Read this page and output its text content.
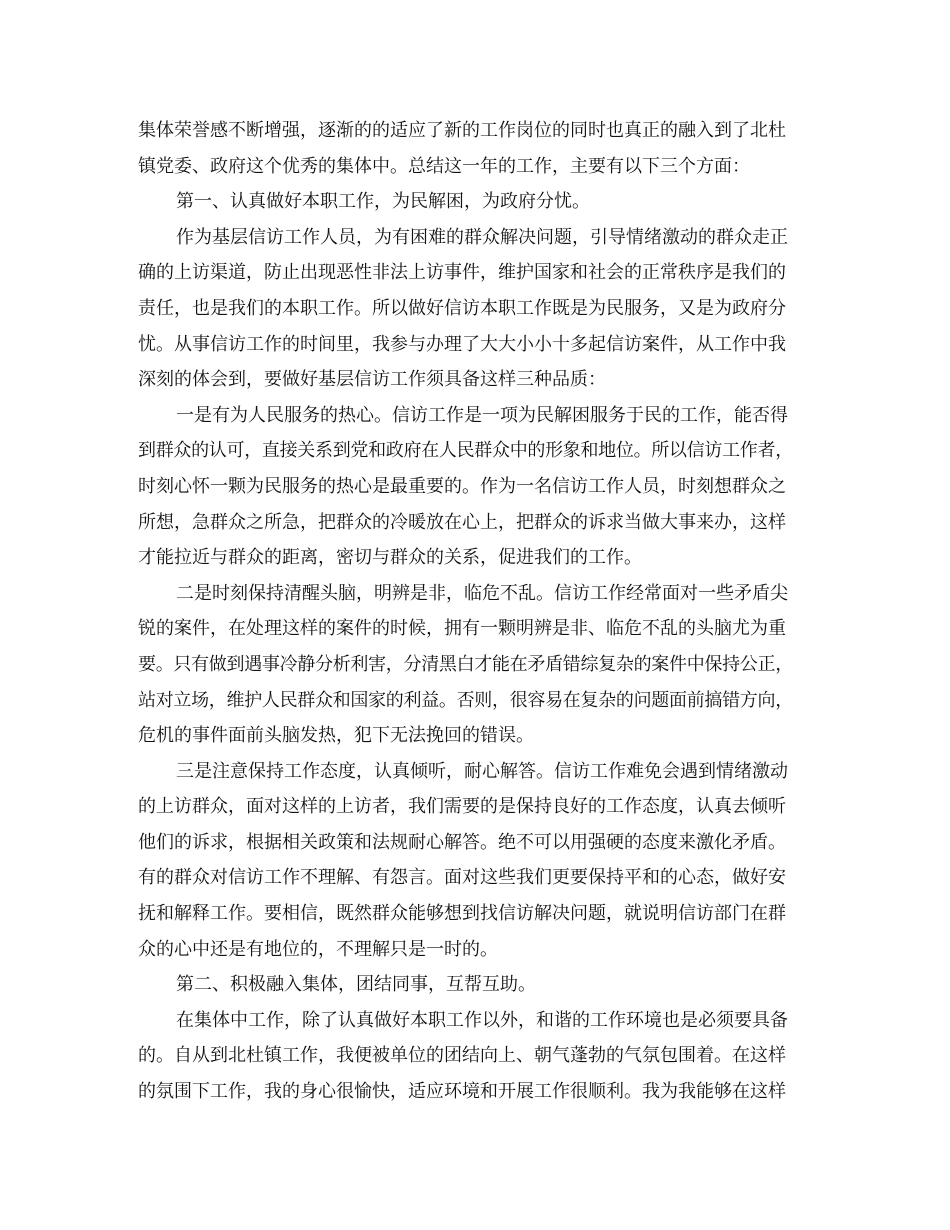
集体荣誉感不断增强，逐渐的的适应了新的工作岗位的同时也真正的融入到了北杜
镇党委、政府这个优秀的集体中。总结这一年的工作，主要有以下三个方面：
第一、认真做好本职工作，为民解困，为政府分忧。
作为基层信访工作人员，为有困难的群众解决问题，引导情绪激动的群众走正
确的上访渠道，防止出现恶性非法上访事件，维护国家和社会的正常秩序是我们的
责任，也是我们的本职工作。所以做好信访本职工作既是为民服务，又是为政府分
忧。从事信访工作的时间里，我参与办理了大大小小十多起信访案件，从工作中我
深刻的体会到，要做好基层信访工作须具备这样三种品质：
一是有为人民服务的热心。信访工作是一项为民解困服务于民的工作，能否得
到群众的认可，直接关系到党和政府在人民群众中的形象和地位。所以信访工作者，
时刻心怀一颗为民服务的热心是最重要的。作为一名信访工作人员，时刻想群众之
所想，急群众之所急，把群众的冷暖放在心上，把群众的诉求当做大事来办，这样
才能拉近与群众的距离，密切与群众的关系，促进我们的工作。
二是时刻保持清醒头脑，明辨是非，临危不乱。信访工作经常面对一些矛盾尖
锐的案件，在处理这样的案件的时候，拥有一颗明辨是非、临危不乱的头脑尤为重
要。只有做到遇事冷静分析利害，分清黑白才能在矛盾错综复杂的案件中保持公正，
站对立场，维护人民群众和国家的利益。否则，很容易在复杂的问题面前搞错方向，
危机的事件面前头脑发热，犯下无法挽回的错误。
三是注意保持工作态度，认真倾听，耐心解答。信访工作难免会遇到情绪激动
的上访群众，面对这样的上访者，我们需要的是保持良好的工作态度，认真去倾听
他们的诉求，根据相关政策和法规耐心解答。绝不可以用强硬的态度来激化矛盾。
有的群众对信访工作不理解、有怨言。面对这些我们更要保持平和的心态，做好安
抚和解释工作。要相信，既然群众能够想到找信访解决问题，就说明信访部门在群
众的心中还是有地位的，不理解只是一时的。
第二、积极融入集体，团结同事，互帮互助。
在集体中工作，除了认真做好本职工作以外，和谐的工作环境也是必须要具备
的。自从到北杜镇工作，我便被单位的团结向上、朝气蓬勃的气氛包围着。在这样
的氛围下工作，我的身心很愉快，适应环境和开展工作很顺利。我为我能够在这样
